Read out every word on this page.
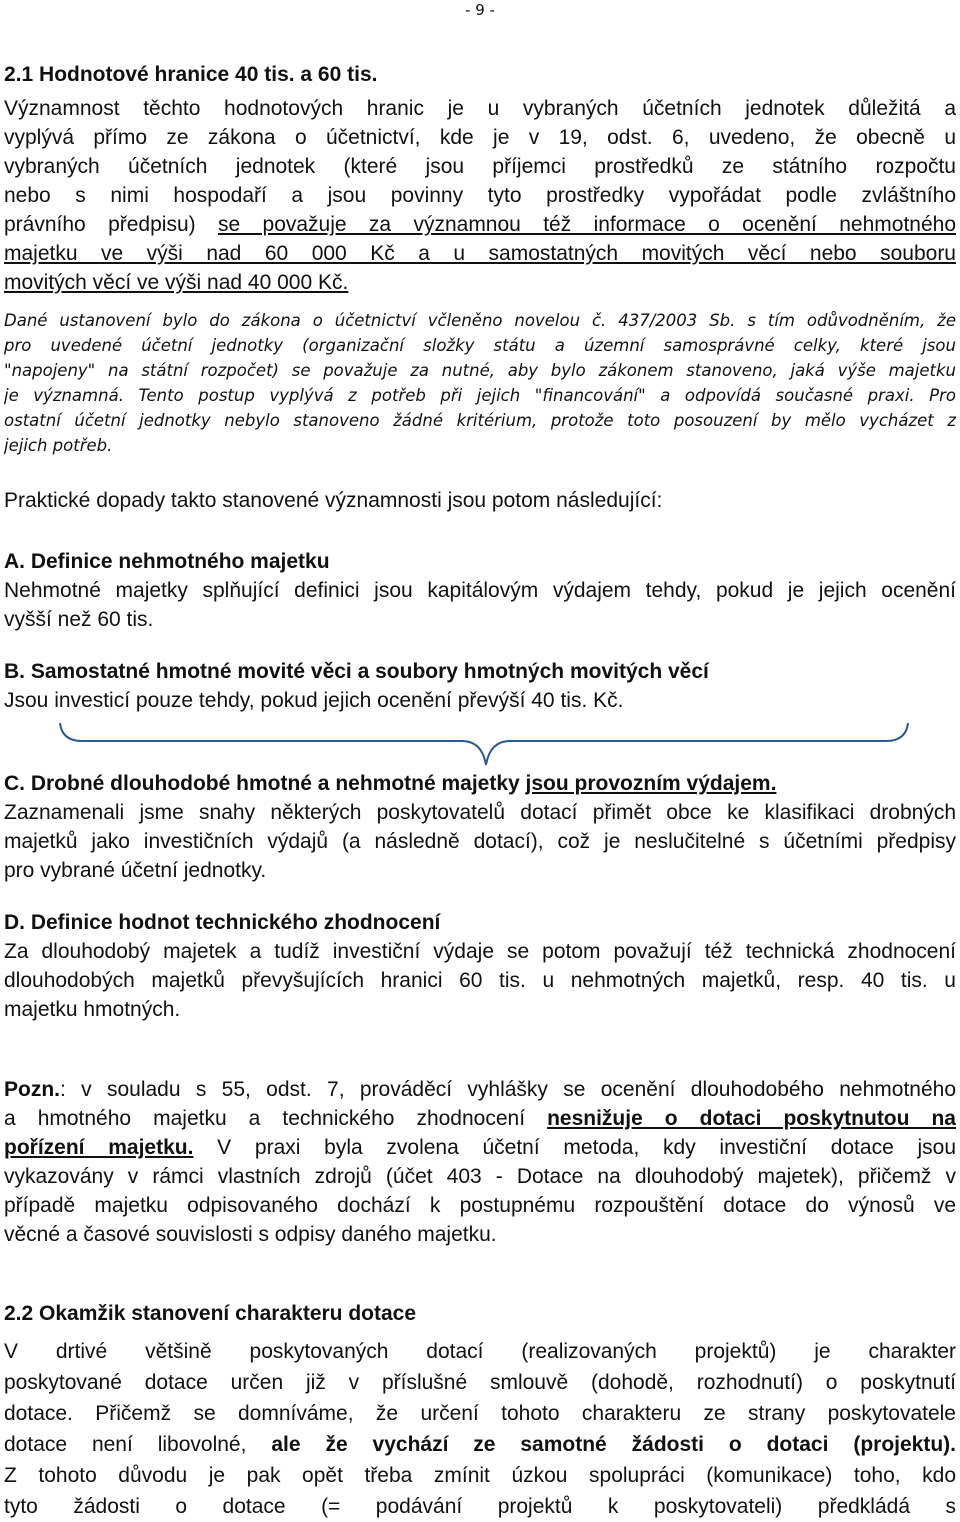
- 9 -
2.1 Hodnotové hranice 40 tis. a 60 tis.

Významnost těchto hodnotových hranic je u vybraných účetních jednotek důležitá a

vyplývá přímo ze zákona o účetnictví, kde je v 19, odst. 6, uvedeno, že obecně u

vybraných účetních jednotek (které jsou příjemci prostředků ze státního rozpočtu

nebo s nimi hospodaří a jsou povinny tyto prostředky vypořádat podle zvláštního

právního předpisu) se považuje za významnou též informace o ocenění nehmotného

majetku ve výši nad 60 000 Kč a u samostatných movitých věcí nebo souboru

movitých věcí ve výši nad 40 000 Kč.

Dané ustanovení bylo do zákona o účetnictví včleněno novelou č. 437/2003 Sb. s tím odůvodněním, že

pro uvedené účetní jednotky (organizační složky státu a územní samosprávné celky, které jsou

"napojeny" na státní rozpočet) se považuje za nutné, aby bylo zákonem stanoveno, jaká výše majetku

je významná. Tento postup vyplývá z potřeb při jejich "financování" a odpovídá současné praxi. Pro

ostatní účetní jednotky nebylo stanoveno žádné kritérium, protože toto posouzení by mělo vycházet z

jejich potřeb.

Praktické dopady takto stanovené významnosti jsou potom následující:

A. Definice nehmotného majetku

Nehmotné majetky splňující definici jsou kapitálovým výdajem tehdy, pokud je jejich ocenění

vyšší než 60 tis.

B. Samostatné hmotné movité věci a soubory hmotných movitých věcí

Jsou investicí pouze tehdy, pokud jejich ocenění převýší 40 tis. Kč.

C. Drobné dlouhodobé hmotné a nehmotné majetky jsou provozním výdajem.

Zaznamenali jsme snahy některých poskytovatelů dotací přimět obce ke klasifikaci drobných

majetků jako investičních výdajů (a následně dotací), což je neslučitelné s účetními předpisy

pro vybrané účetní jednotky.

D. Definice hodnot technického zhodnocení

Za dlouhodobý majetek a tudíž investiční výdaje se potom považují též technická zhodnocení

dlouhodobých majetků převyšujících hranici 60 tis. u nehmotných majetků, resp. 40 tis. u

majetku hmotných.

Pozn.: v souladu s 55, odst. 7, prováděcí vyhlášky se ocenění dlouhodobého nehmotného

a hmotného majetku a technického zhodnocení nesnižuje o dotaci poskytnutou na

pořízení majetku. V praxi byla zvolena účetní metoda, kdy investiční dotace jsou

vykazovány v rámci vlastních zdrojů (účet 403 - Dotace na dlouhodobý majetek), přičemž v

případě majetku odpisovaného dochází k postupnému rozpouštění dotace do výnosů ve

věcné a časové souvislosti s odpisy daného majetku.

2.2 Okamžik stanovení charakteru dotace

V drtivé většině poskytovaných dotací (realizovaných projektů) je charakter

poskytované dotace určen již v příslušné smlouvě (dohodě, rozhodnutí) o poskytnutí

dotace. Přičemž se domníváme, že určení tohoto charakteru ze strany poskytovatele

dotace není libovolné, ale že vychází ze samotné žádosti o dotaci (projektu).

Z tohoto důvodu je pak opět třeba zmínit úzkou spolupráci (komunikace) toho, kdo

tyto žádosti o dotace (= podávání projektů k poskytovateli) předkládá s
